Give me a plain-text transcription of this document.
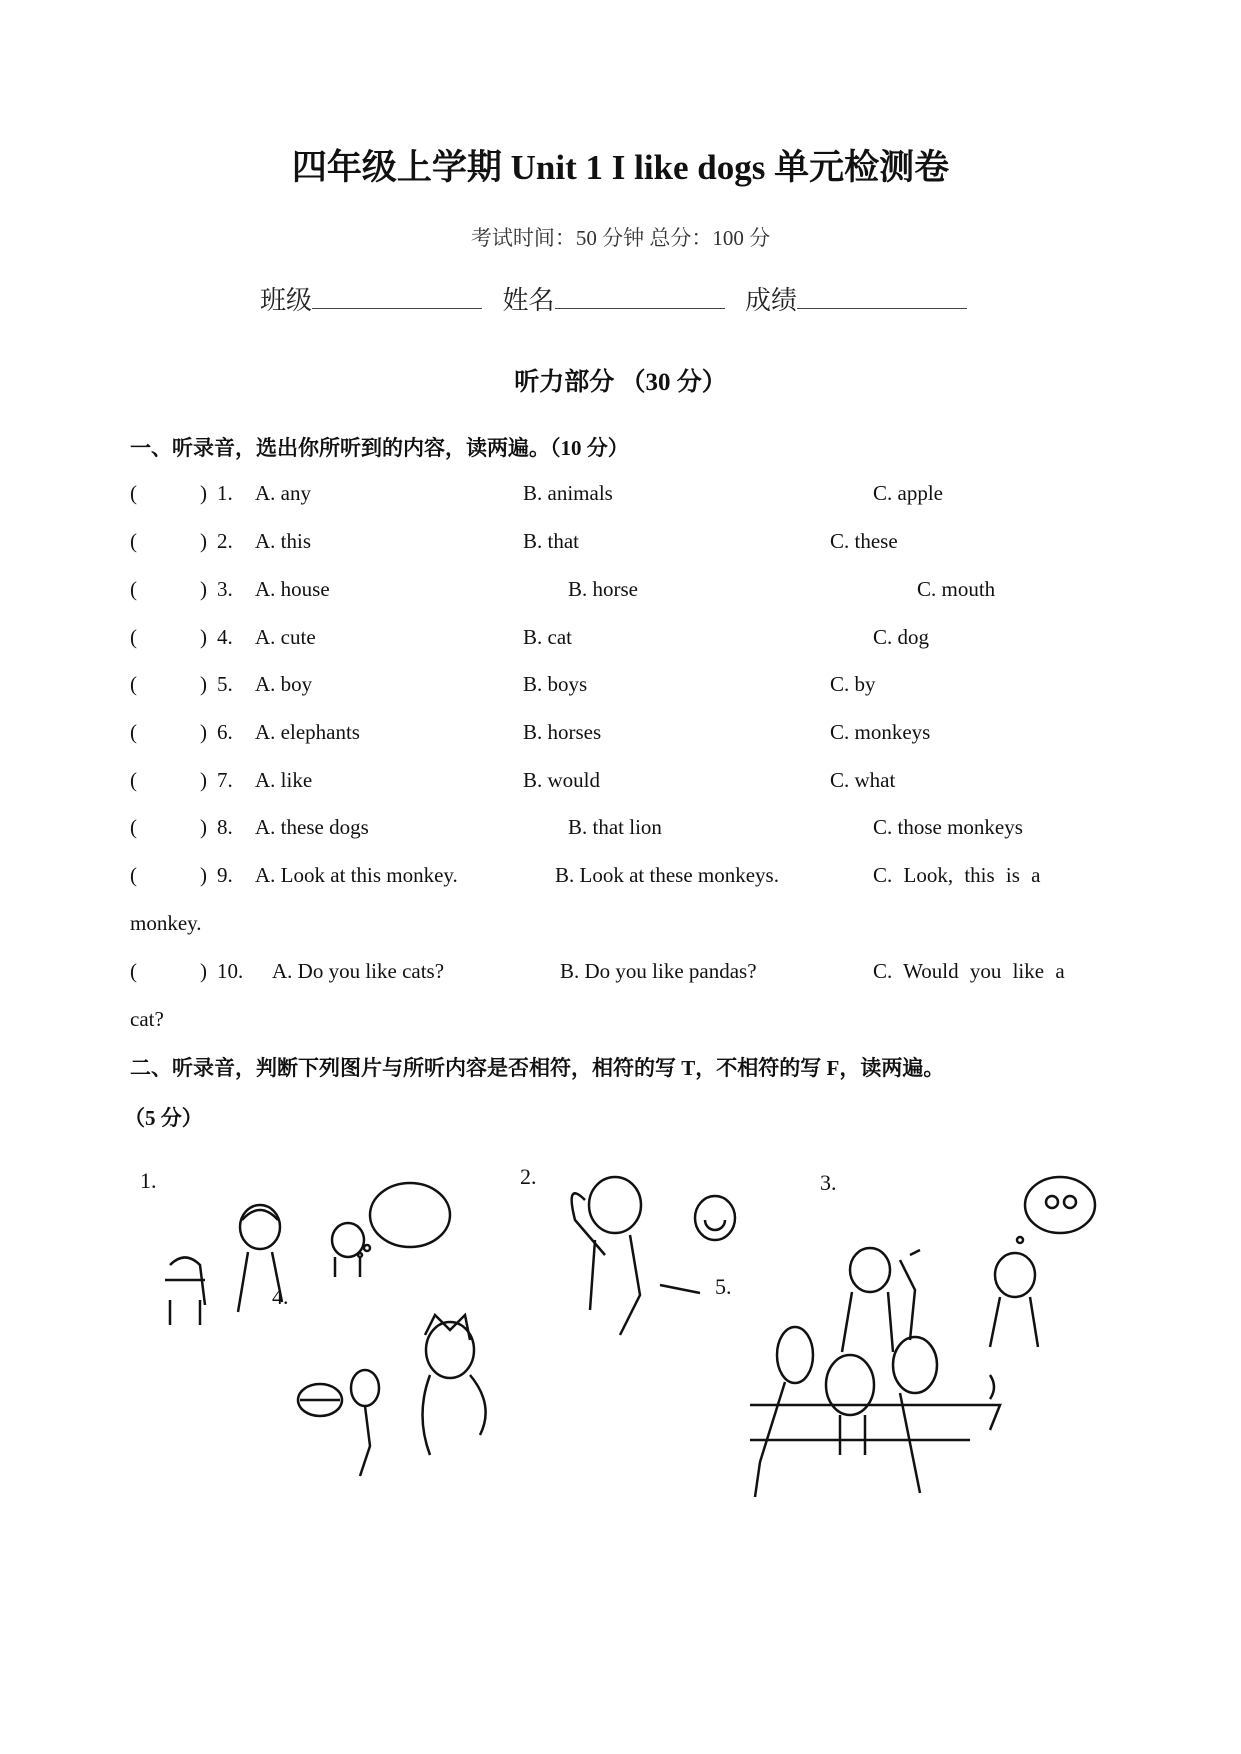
四年级上学期 Unit 1 I like dogs 单元检测卷
考试时间：50 分钟 总分：100 分
班级	姓名	成绩
听力部分 （30 分）
一、听录音，选出你所听到的内容，读两遍。（10 分）
(	) 1. A. any	B. animals	C. apple
(	) 2. A. this	B. that	C. these
(	) 3. A. house	B. horse	C. mouth
(	) 4. A. cute	B. cat	C. dog
(	) 5. A. boy	B. boys	C. by
(	) 6. A. elephants	B. horses	C. monkeys
(	) 7. A. like	B. would	C. what
(	) 8. A. these dogs	B. that lion	C. those monkeys
(	) 9. A. Look at this monkey.	B. Look at these monkeys.	C. Look, this is a
monkey.
(	) 10. A. Do you like cats?	B. Do you like pandas?	C. Would you like a
cat?
二、听录音，判断下列图片与所听内容是否相符，相符的写 T，不相符的写 F，读两遍。
（5 分）
1.	2.	3.
4.	5.
